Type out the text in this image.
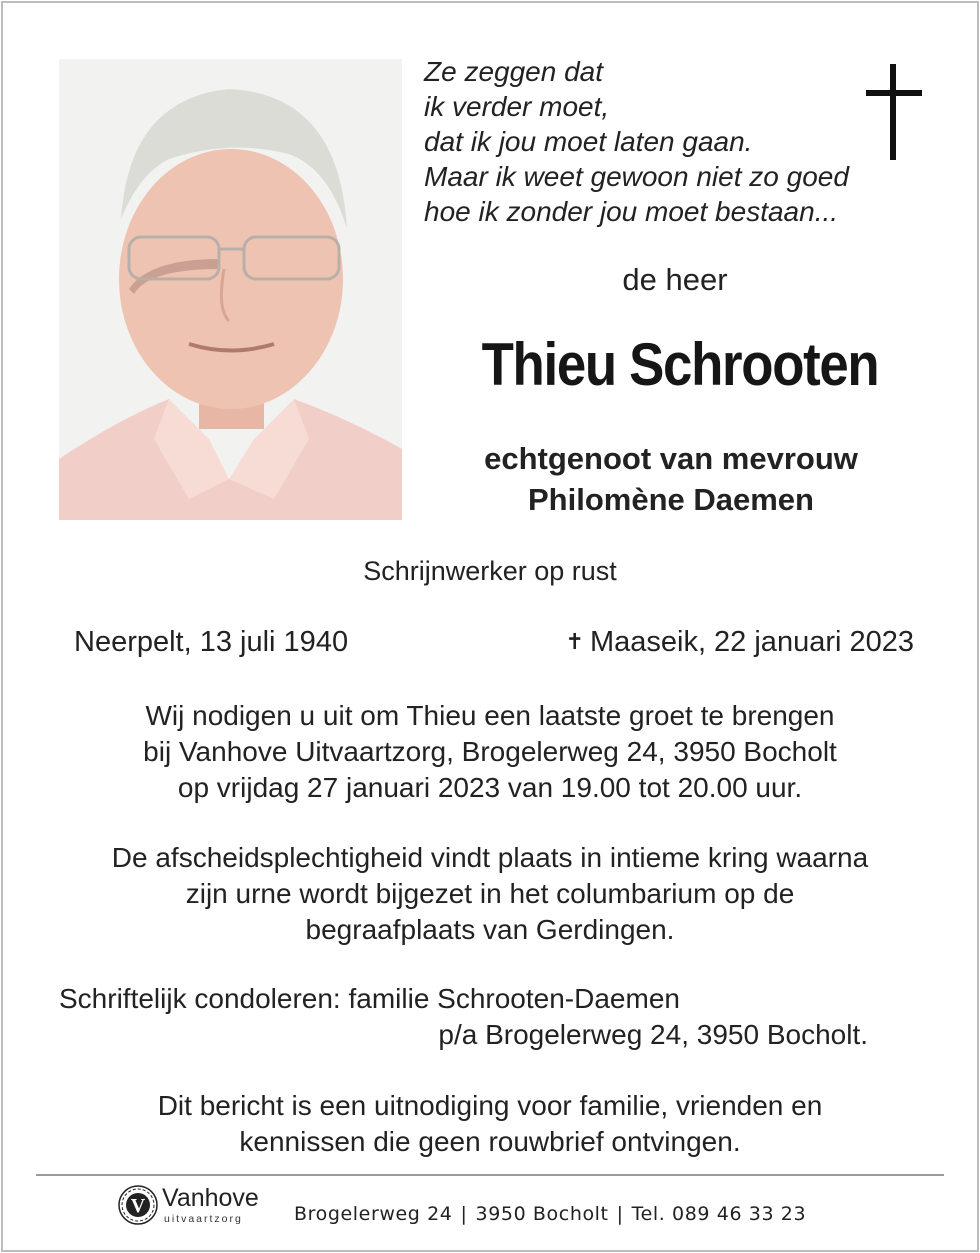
Ze zeggen dat
ik verder moet,
dat ik jou moet laten gaan.
Maar ik weet gewoon niet zo goed
hoe ik zonder jou moet bestaan...
de heer
Thieu Schrooten
echtgenoot van mevrouw
Philomène Daemen
Schrijnwerker op rust
Neerpelt, 13 juli 1940	✝ Maaseik, 22 januari 2023
Wij nodigen u uit om Thieu een laatste groet te brengen
bij Vanhove Uitvaartzorg, Brogelerweg 24, 3950 Bocholt
op vrijdag 27 januari 2023 van 19.00 tot 20.00 uur.
De afscheidsplechtigheid vindt plaats in intieme kring waarna
zijn urne wordt bijgezet in het columbarium op de
begraafplaats van Gerdingen.
Schriftelijk condoleren: familie Schrooten-Daemen
p/a Brogelerweg 24, 3950 Bocholt.
Dit bericht is een uitnodiging voor familie, vrienden en
kennissen die geen rouwbrief ontvingen.
V Vanhove
uitvaartzorg	Brogelerweg 24 | 3950 Bocholt | Tel. 089 46 33 23
